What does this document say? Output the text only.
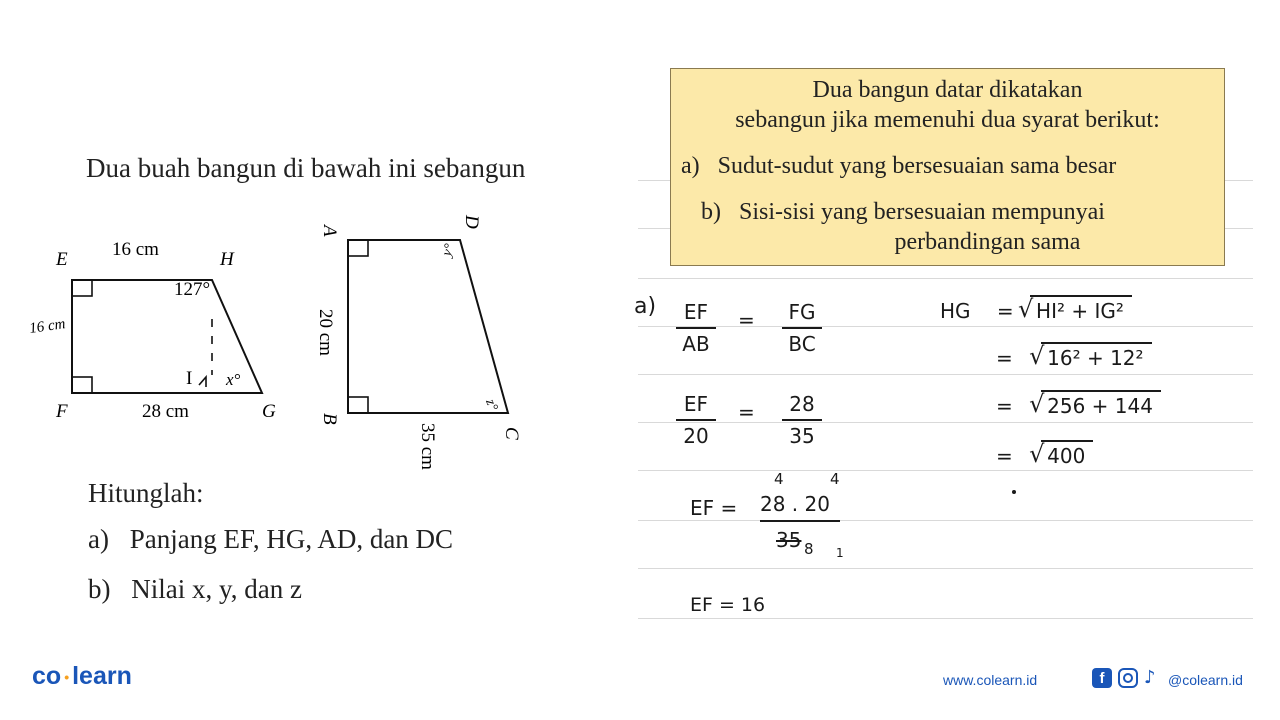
Dua buah bangun di bawah ini sebangun
E	H
F	G
16 cm
28 cm
127°
x°
I
16 cm
A
D
B
C
20 cm
35 cm
y°
z°
Hitunglah:
a) Panjang EF, HG, AD, dan DC
b) Nilai x, y, dan z
Dua bangun datar dikatakan
sebangun jika memenuhi dua syarat berikut:
a) Sudut-sudut yang bersesuaian sama besar
b) Sisi-sisi yang bersesuaian mempunyai
perbandingan sama
a)	EF
AB
=	FG
BC
EF
20
=	28
35
EF =
4	4
28 . 20
35 8 1
EF = 16
HG = √ HI² + IG²
= √ 16² + 12²
= √ 256 + 144
= √ 400
co • learn	www.colearn.id	f	♪ @colearn.id
